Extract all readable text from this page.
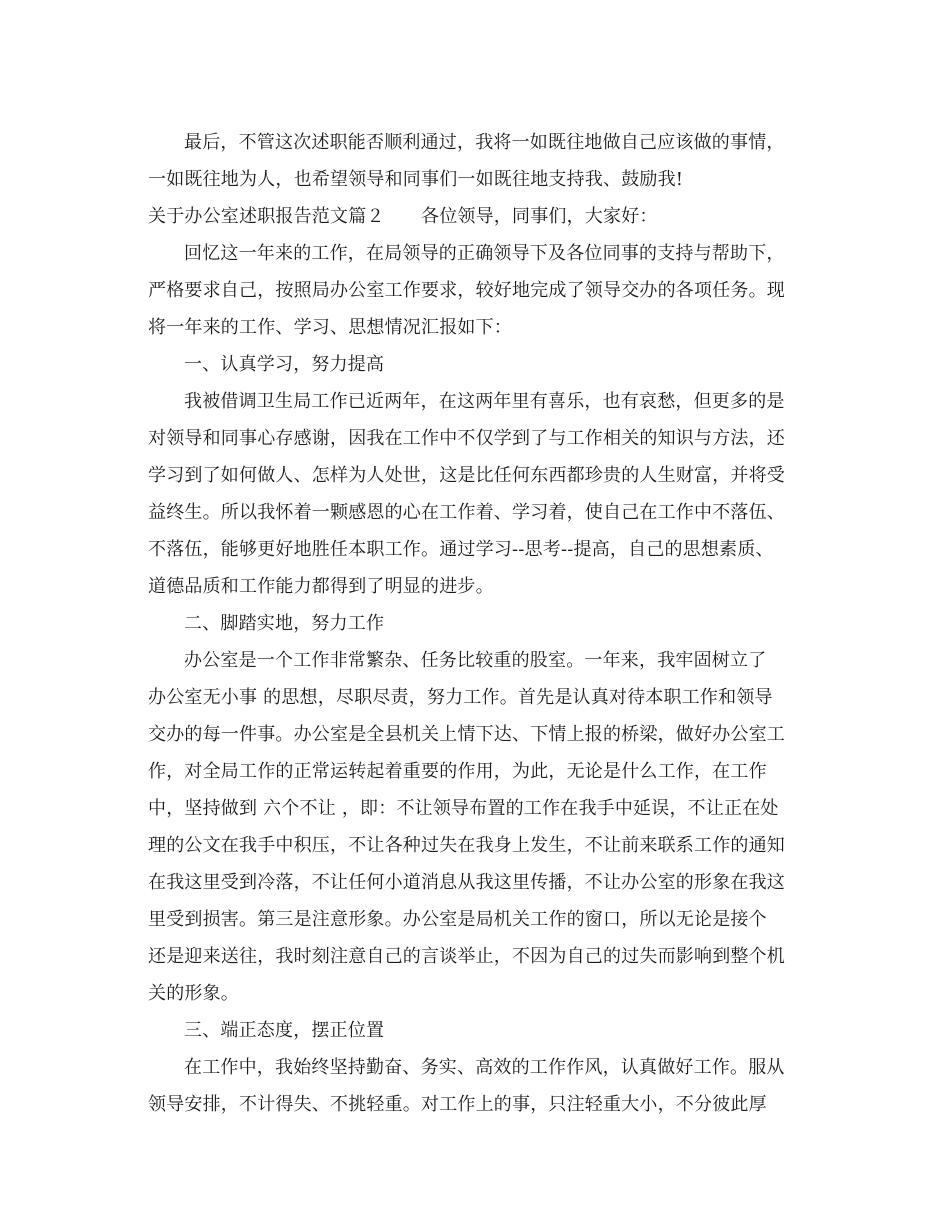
最后，不管这次述职能否顺利通过，我将一如既往地做自己应该做的事情，
一如既往地为人，也希望领导和同事们一如既往地支持我、鼓励我!
关于办公室述职报告范文篇２　　各位领导，同事们，大家好：
回忆这一年来的工作，在局领导的正确领导下及各位同事的支持与帮助下，
严格要求自己，按照局办公室工作要求，较好地完成了领导交办的各项任务。现
将一年来的工作、学习、思想情况汇报如下：
一、认真学习，努力提高
我被借调卫生局工作已近两年，在这两年里有喜乐，也有哀愁，但更多的是
对领导和同事心存感谢，因我在工作中不仅学到了与工作相关的知识与方法，还
学习到了如何做人、怎样为人处世，这是比任何东西都珍贵的人生财富，并将受
益终生。所以我怀着一颗感恩的心在工作着、学习着，使自己在工作中不落伍、
不落伍，能够更好地胜任本职工作。通过学习--思考--提高，自己的思想素质、
道德品质和工作能力都得到了明显的进步。
二、脚踏实地，努力工作
办公室是一个工作非常繁杂、任务比较重的股室。一年来，我牢固树立了
办公室无小事 的思想，尽职尽责，努力工作。首先是认真对待本职工作和领导
交办的每一件事。办公室是全县机关上情下达、下情上报的桥梁，做好办公室工
作，对全局工作的正常运转起着重要的作用，为此，无论是什么工作，在工作
中，坚持做到 六个不让 ，即：不让领导布置的工作在我手中延误，不让正在处
理的公文在我手中积压，不让各种过失在我身上发生，不让前来联系工作的通知
在我这里受到冷落，不让任何小道消息从我这里传播，不让办公室的形象在我这
里受到损害。第三是注意形象。办公室是局机关工作的窗口，所以无论是接个
还是迎来送往，我时刻注意自己的言谈举止，不因为自己的过失而影响到整个机
关的形象。
三、端正态度，摆正位置
在工作中，我始终坚持勤奋、务实、高效的工作作风，认真做好工作。服从
领导安排，不计得失、不挑轻重。对工作上的事，只注轻重大小，不分彼此厚
